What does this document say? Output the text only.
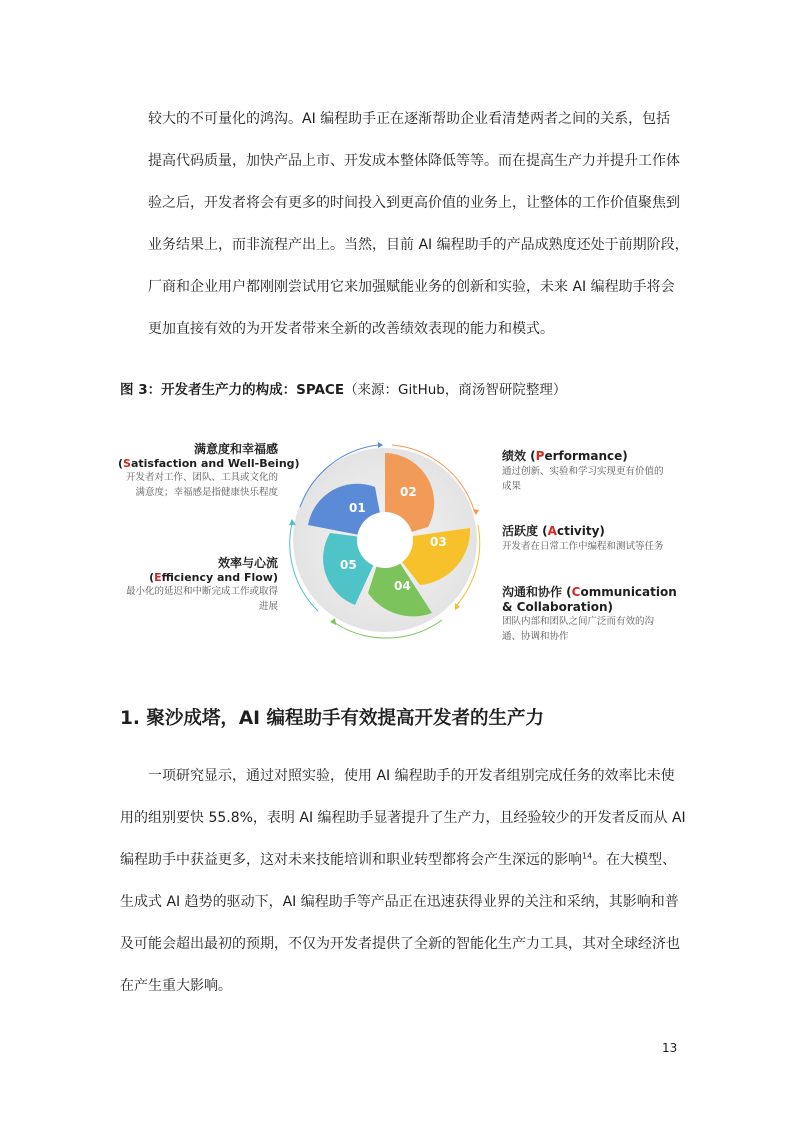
较大的不可量化的鸿沟。AI 编程助手正在逐渐帮助企业看清楚两者之间的关系，包括
提高代码质量，加快产品上市、开发成本整体降低等等。而在提高生产力并提升工作体
验之后，开发者将会有更多的时间投入到更高价值的业务上，让整体的工作价值聚焦到
业务结果上，而非流程产出上。当然，目前 AI 编程助手的产品成熟度还处于前期阶段，
厂商和企业用户都刚刚尝试用它来加强赋能业务的创新和实验，未来 AI 编程助手将会
更加直接有效的为开发者带来全新的改善绩效表现的能力和模式。
图 3：开发者生产力的构成：SPACE（来源：GitHub，商汤智研院整理）
01
02
03
04
05
满意度和幸福感
(Satisfaction and Well-Being)
开发者对工作、团队、工具或文化的满意度；幸福感是指健康快乐程度
效率与心流
(Efficiency and Flow)
最小化的延迟和中断完成工作或取得进展
绩效 (Performance)
通过创新、实验和学习实现更有价值的成果
活跃度 (Activity)
开发者在日常工作中编程和测试等任务
沟通和协作 (Communication
& Collaboration)
团队内部和团队之间广泛而有效的沟通、协调和协作
1. 聚沙成塔，AI 编程助手有效提高开发者的生产力
一项研究显示，通过对照实验，使用 AI 编程助手的开发者组别完成任务的效率比未使
用的组别要快 55.8%，表明 AI 编程助手显著提升了生产力，且经验较少的开发者反而从 AI
编程助手中获益更多，这对未来技能培训和职业转型都将会产生深远的影响$^{14}$。在大模型、
生成式 AI 趋势的驱动下，AI 编程助手等产品正在迅速获得业界的关注和采纳，其影响和普
及可能会超出最初的预期，不仅为开发者提供了全新的智能化生产力工具，其对全球经济也
在产生重大影响。
13
